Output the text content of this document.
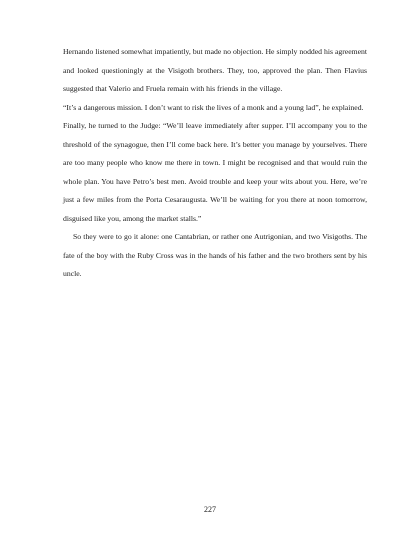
Hernando listened somewhat impatiently, but made no objection. He simply nodded his agreement and looked questioningly at the Visigoth brothers. They, too, approved the plan. Then Flavius suggested that Valerio and Fruela remain with his friends in the village.

“It’s a dangerous mission. I don’t want to risk the lives of a monk and a young lad”, he explained.

Finally, he turned to the Judge: “We’ll leave immediately after supper. I’ll accompany you to the threshold of the synagogue, then I’ll come back here. It’s better you manage by yourselves. There are too many people who know me there in town. I might be recognised and that would ruin the whole plan. You have Petro’s best men. Avoid trouble and keep your wits about you. Here, we’re just a few miles from the Porta Cesaraugusta. We’ll be waiting for you there at noon tomorrow, disguised like you, among the market stalls.”

So they were to go it alone: one Cantabrian, or rather one Autrigonian, and two Visigoths. The fate of the boy with the Ruby Cross was in the hands of his father and the two brothers sent by his uncle.

227
